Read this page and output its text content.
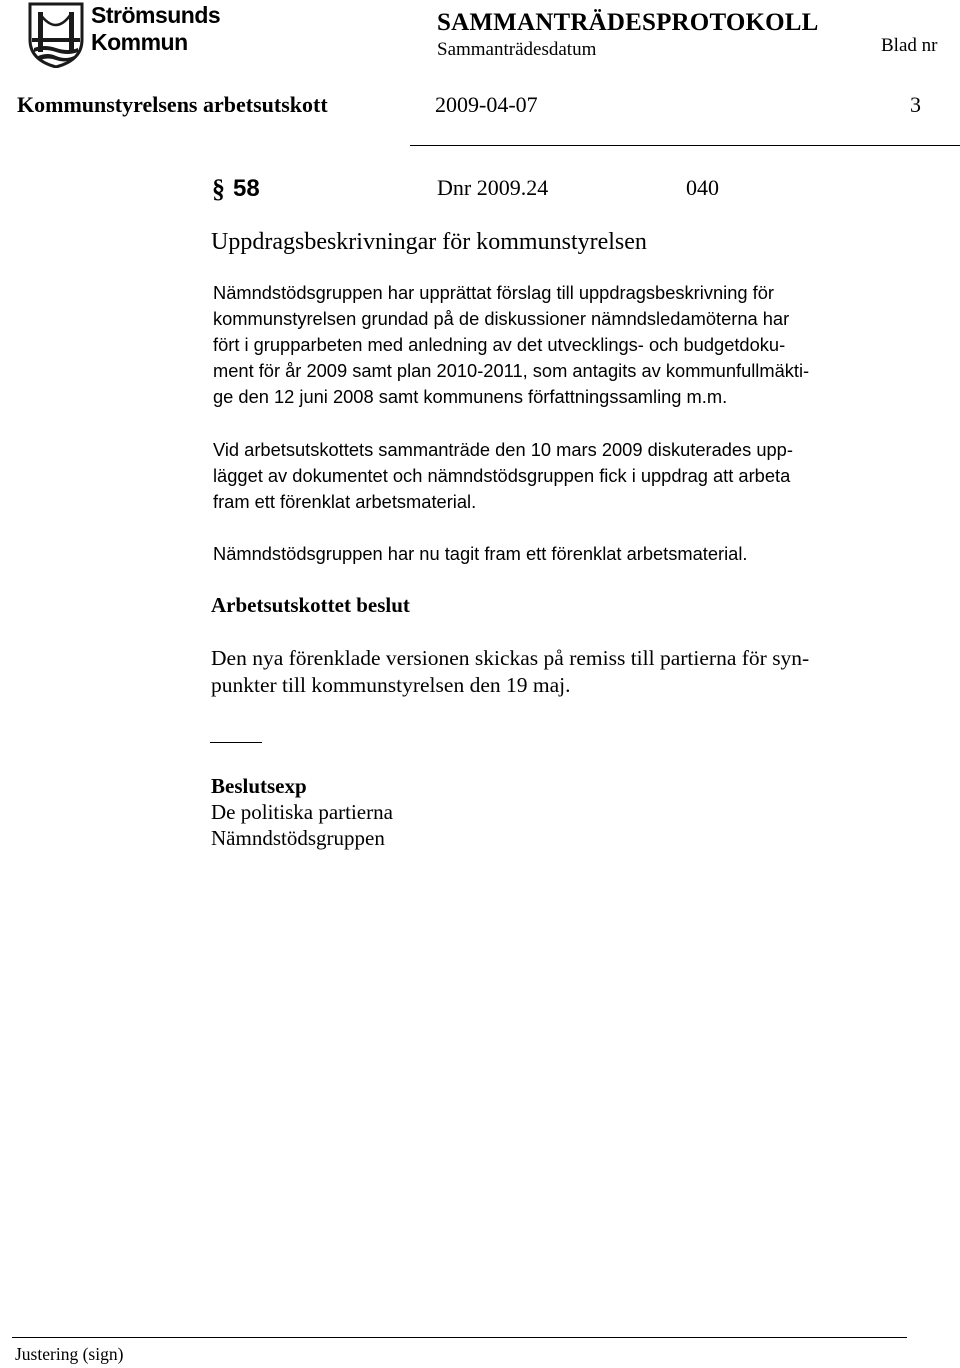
Strömsunds
Kommun
SAMMANTRÄDESPROTOKOLL
Sammanträdesdatum	Blad nr
Kommunstyrelsens arbetsutskott	2009-04-07	3
§ 58	Dnr 2009.24	040
Uppdragsbeskrivningar för kommunstyrelsen
Nämndstödsgruppen har upprättat förslag till uppdragsbeskrivning för
kommunstyrelsen grundad på de diskussioner nämndsledamöterna har
fört i grupparbeten med anledning av det utvecklings- och budgetdoku-
ment för år 2009 samt plan 2010-2011, som antagits av kommunfullmäkti-
ge den 12 juni 2008 samt kommunens författningssamling m.m.
Vid arbetsutskottets sammanträde den 10 mars 2009 diskuterades upp-
lägget av dokumentet och nämndstödsgruppen fick i uppdrag att arbeta
fram ett förenklat arbetsmaterial.
Nämndstödsgruppen har nu tagit fram ett förenklat arbetsmaterial.
Arbetsutskottet beslut
Den nya förenklade versionen skickas på remiss till partierna för syn-
punkter till kommunstyrelsen den 19 maj.
Beslutsexp
De politiska partierna
Nämndstödsgruppen
Justering (sign)
